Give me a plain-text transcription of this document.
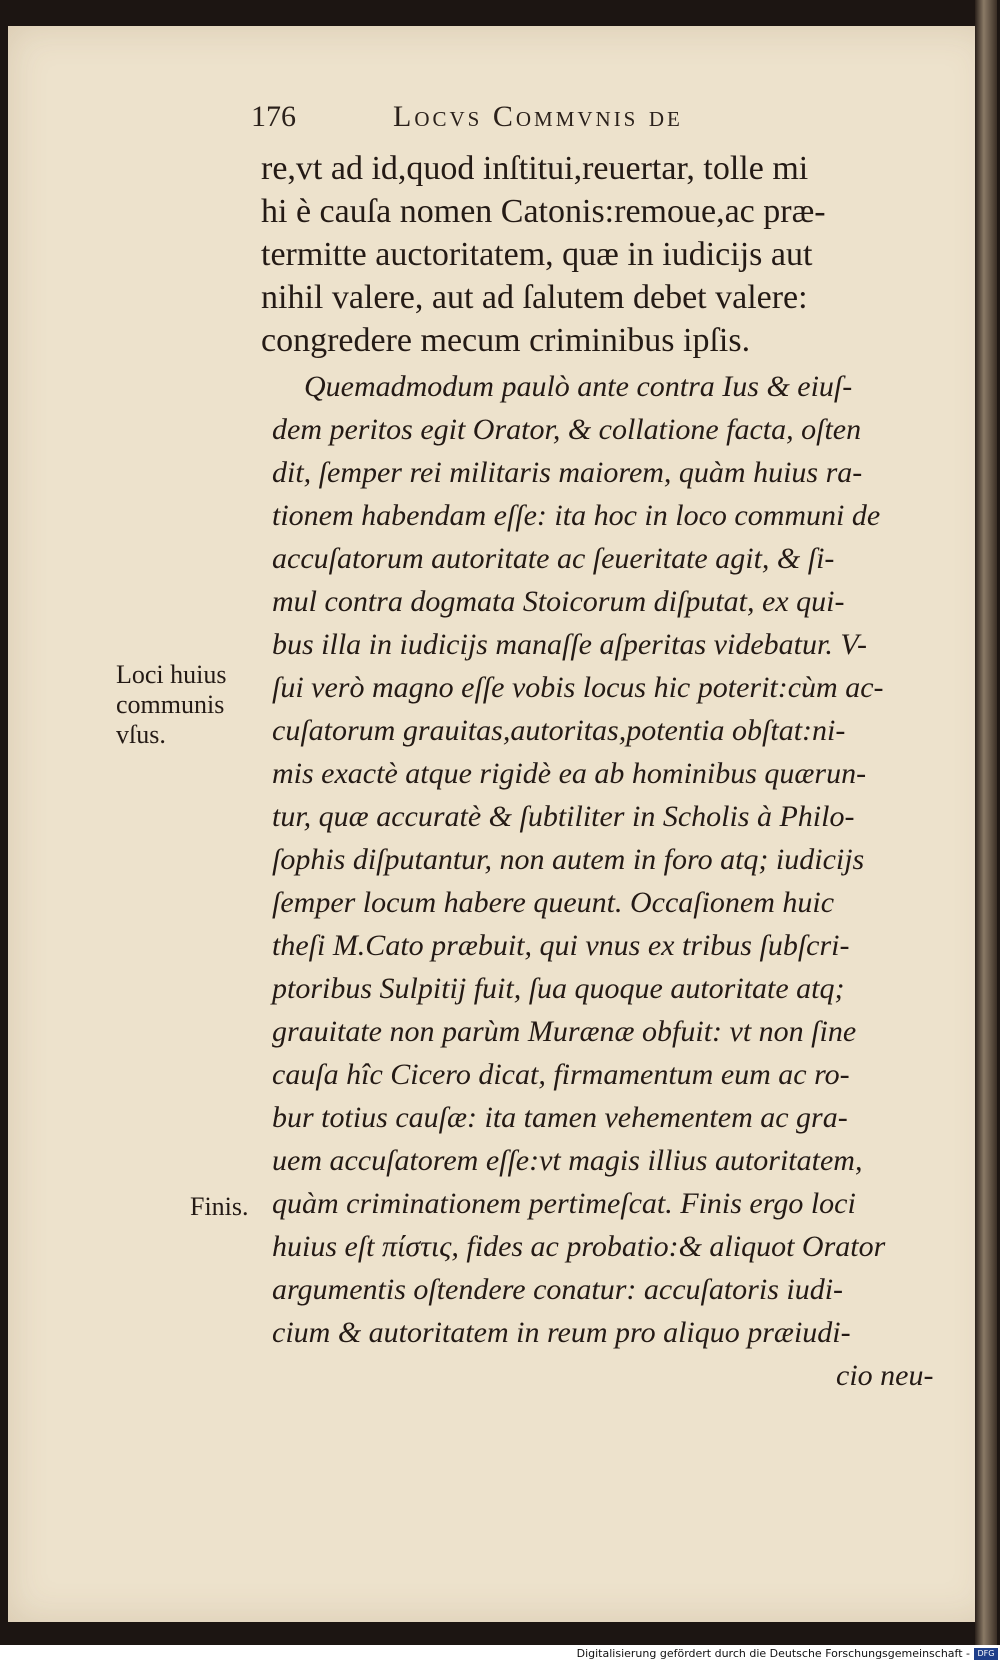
176	Locvs Commvnis de
re,vt ad id,quod inſtitui,reuertar, tolle mi
hi è cauſa nomen Catonis:remoue,ac præ-
termitte auctoritatem, quæ in iudicijs aut
nihil valere, aut ad ſalutem debet valere:
congredere mecum criminibus ipſis.
Quemadmodum paulò ante contra Ius & eiuſ-
dem peritos egit Orator, & collatione facta, oſten
dit, ſemper rei militaris maiorem, quàm huius ra-
tionem habendam eſſe: ita hoc in loco communi de
accuſatorum autoritate ac ſeueritate agit, & ſi-
mul contra dogmata Stoicorum diſputat, ex qui-
bus illa in iudicijs manaſſe aſperitas videbatur. V-
ſui verò magno eſſe vobis locus hic poterit:cùm ac-
cuſatorum grauitas,autoritas,potentia obſtat:ni-
mis exactè atque rigidè ea ab hominibus quærun-
tur, quæ accuratè & ſubtiliter in Scholis à Philo-
ſophis diſputantur, non autem in foro atq; iudicijs
ſemper locum habere queunt. Occaſionem huic
theſi M.Cato præbuit, qui vnus ex tribus ſubſcri-
ptoribus Sulpitij fuit, ſua quoque autoritate atq;
grauitate non parùm Murænæ obfuit: vt non ſine
cauſa hîc Cicero dicat, firmamentum eum ac ro-
bur totius cauſæ: ita tamen vehementem ac gra-
uem accuſatorem eſſe:vt magis illius autoritatem,
quàm criminationem pertimeſcat. Finis ergo loci
huius eſt πίστις, fides ac probatio:& aliquot Orator
argumentis oſtendere conatur: accuſatoris iudi-
cium & autoritatem in reum pro aliquo præiudi-
cio neu-
Loci huius
communis
vſus.
Finis.
Digitalisierung gefördert durch die Deutsche Forschungsgemeinschaft - DFG
